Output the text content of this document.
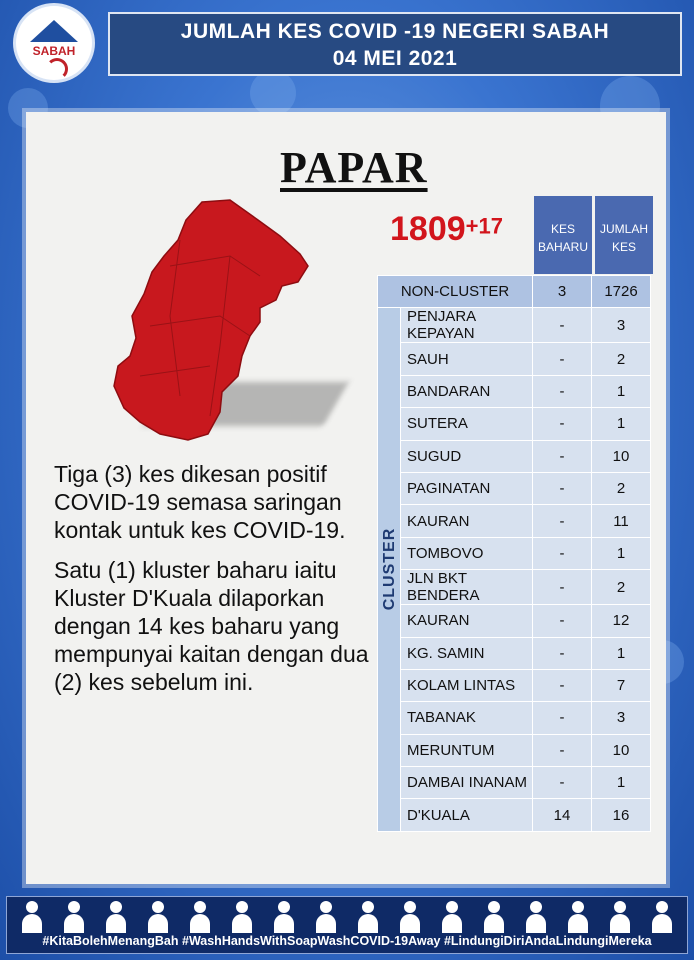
SABAH
JUMLAH KES COVID -19 NEGERI SABAH
04 MEI 2021
PAPAR
1809+17	KES
BAHARU
JUMLAH
KES
NON-CLUSTER		3	1726
	PENJARA KEPAYAN	-	3
	SAUH	-	2
	BANDARAN	-	1
	SUTERA	-	1
	SUGUD	-	10
	PAGINATAN	-	2
	KAURAN	-	11
	TOMBOVO	-	1
	JLN BKT BENDERA	-	2
	KAURAN	-	12
	KG. SAMIN	-	1
	KOLAM LINTAS	-	7
	TABANAK	-	3
	MERUNTUM	-	10
	DAMBAI INANAM	-	1
	D'KUALA	14	16
CLUSTER

Tiga (3) kes dikesan positif COVID-19 semasa saringan kontak untuk kes COVID-19.

Satu (1) kluster baharu iaitu Kluster D'Kuala dilaporkan dengan 14 kes baharu yang mempunyai kaitan dengan dua (2) kes sebelum ini.

#KitaBolehMenangBah #WashHandsWithSoapWashCOVID-19Away #LindungiDiriAndaLindungiMereka
